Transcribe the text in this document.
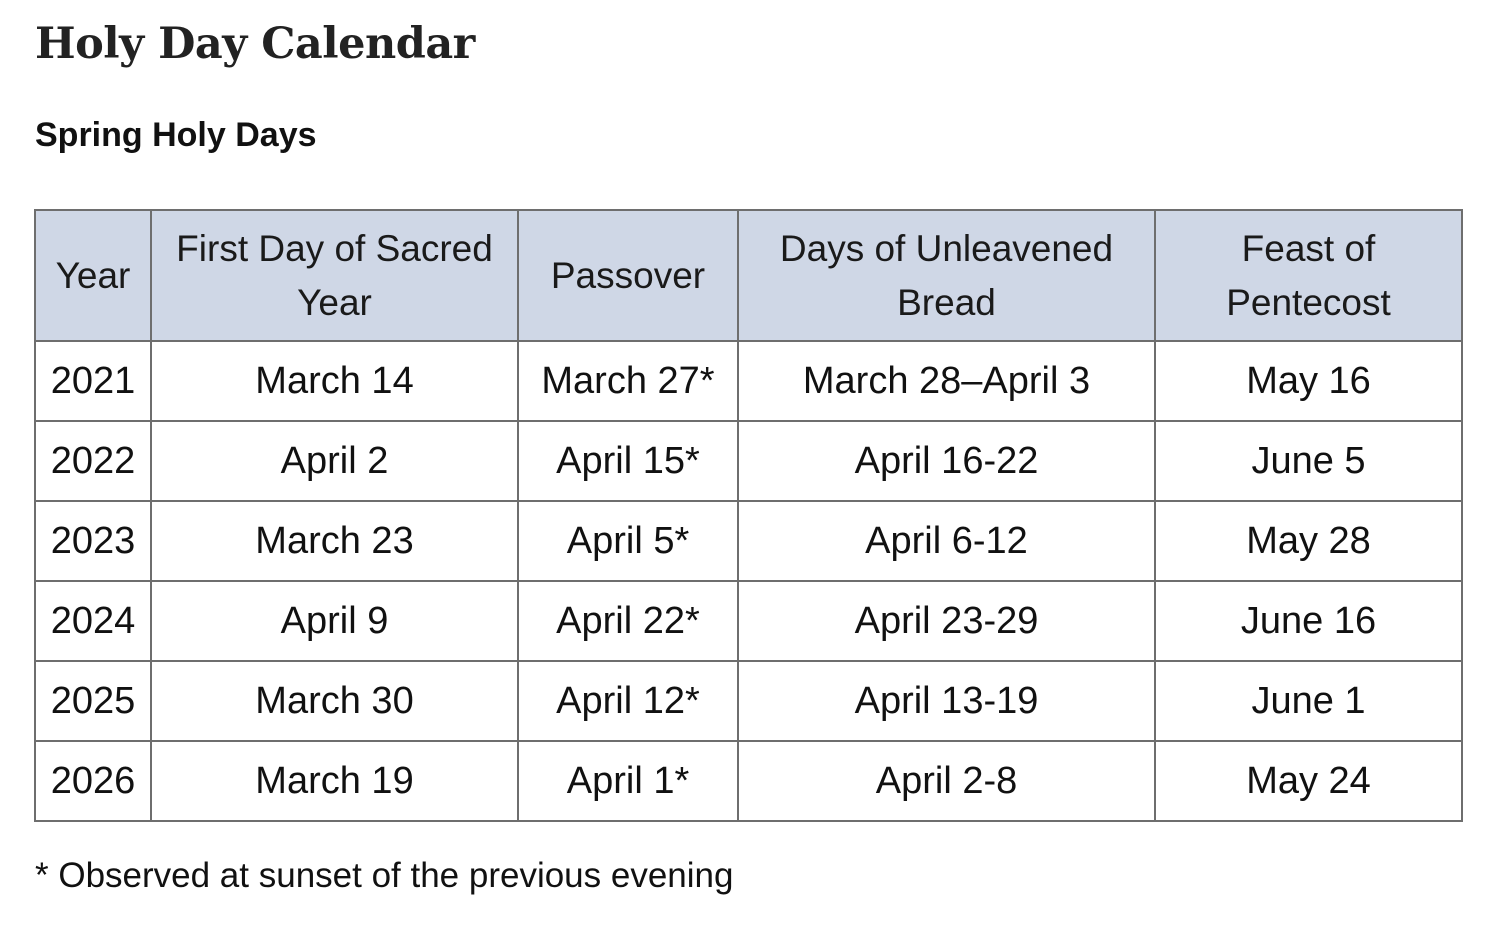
Holy Day Calendar
Spring Holy Days
Year	First Day of Sacred Year	Passover	Days of Unleavened Bread	Feast of Pentecost
2021	March 14	March 27*	March 28–April 3	May 16
2022	April 2	April 15*	April 16-22	June 5
2023	March 23	April 5*	April 6-12	May 28
2024	April 9	April 22*	April 23-29	June 16
2025	March 30	April 12*	April 13-19	June 1
2026	March 19	April 1*	April 2-8	May 24

* Observed at sunset of the previous evening
